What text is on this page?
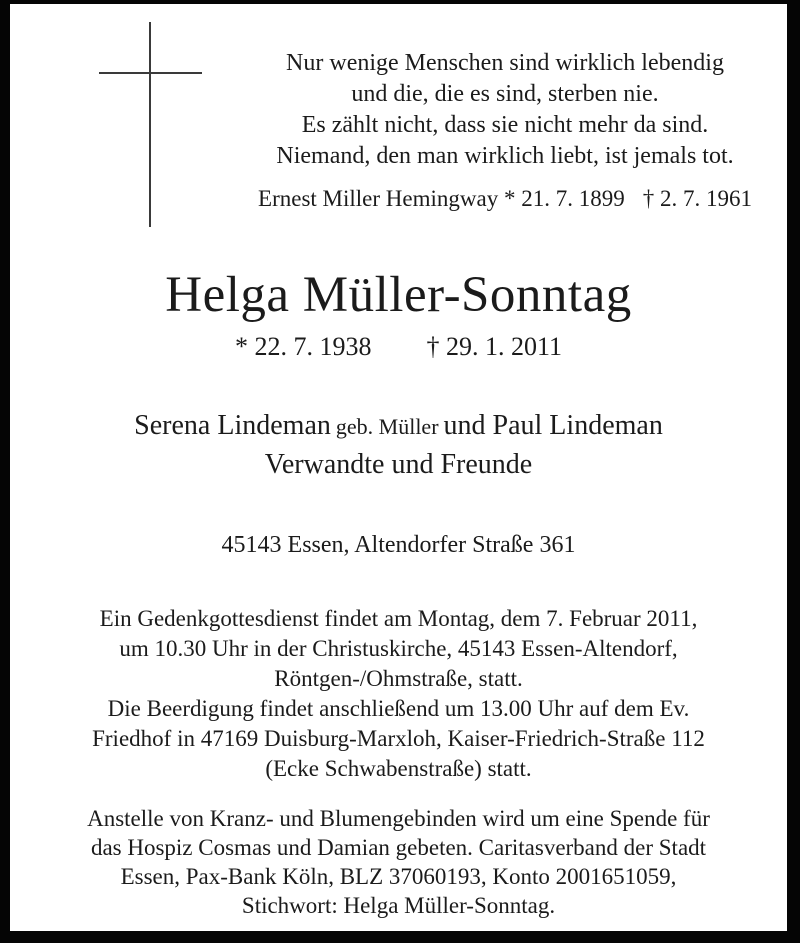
Nur wenige Menschen sind wirklich lebendig
und die, die es sind, sterben nie.
Es zählt nicht, dass sie nicht mehr da sind.
Niemand, den man wirklich liebt, ist jemals tot.
Ernest Miller Hemingway * 21. 7. 1899 † 2. 7. 1961
Helga Müller-Sonntag
* 22. 7. 1938 † 29. 1. 2011
Serena Lindeman geb. Müller und Paul Lindeman
Verwandte und Freunde
45143 Essen, Altendorfer Straße 361
Ein Gedenkgottesdienst findet am Montag, dem 7. Februar 2011,
um 10.30 Uhr in der Christuskirche, 45143 Essen-Altendorf,
Röntgen-/Ohmstraße, statt.
Die Beerdigung findet anschließend um 13.00 Uhr auf dem Ev.
Friedhof in 47169 Duisburg-Marxloh, Kaiser-Friedrich-Straße 112
(Ecke Schwabenstraße) statt.
Anstelle von Kranz- und Blumengebinden wird um eine Spende für
das Hospiz Cosmas und Damian gebeten. Caritasverband der Stadt
Essen, Pax-Bank Köln, BLZ 37060193, Konto 2001651059,
Stichwort: Helga Müller-Sonntag.
